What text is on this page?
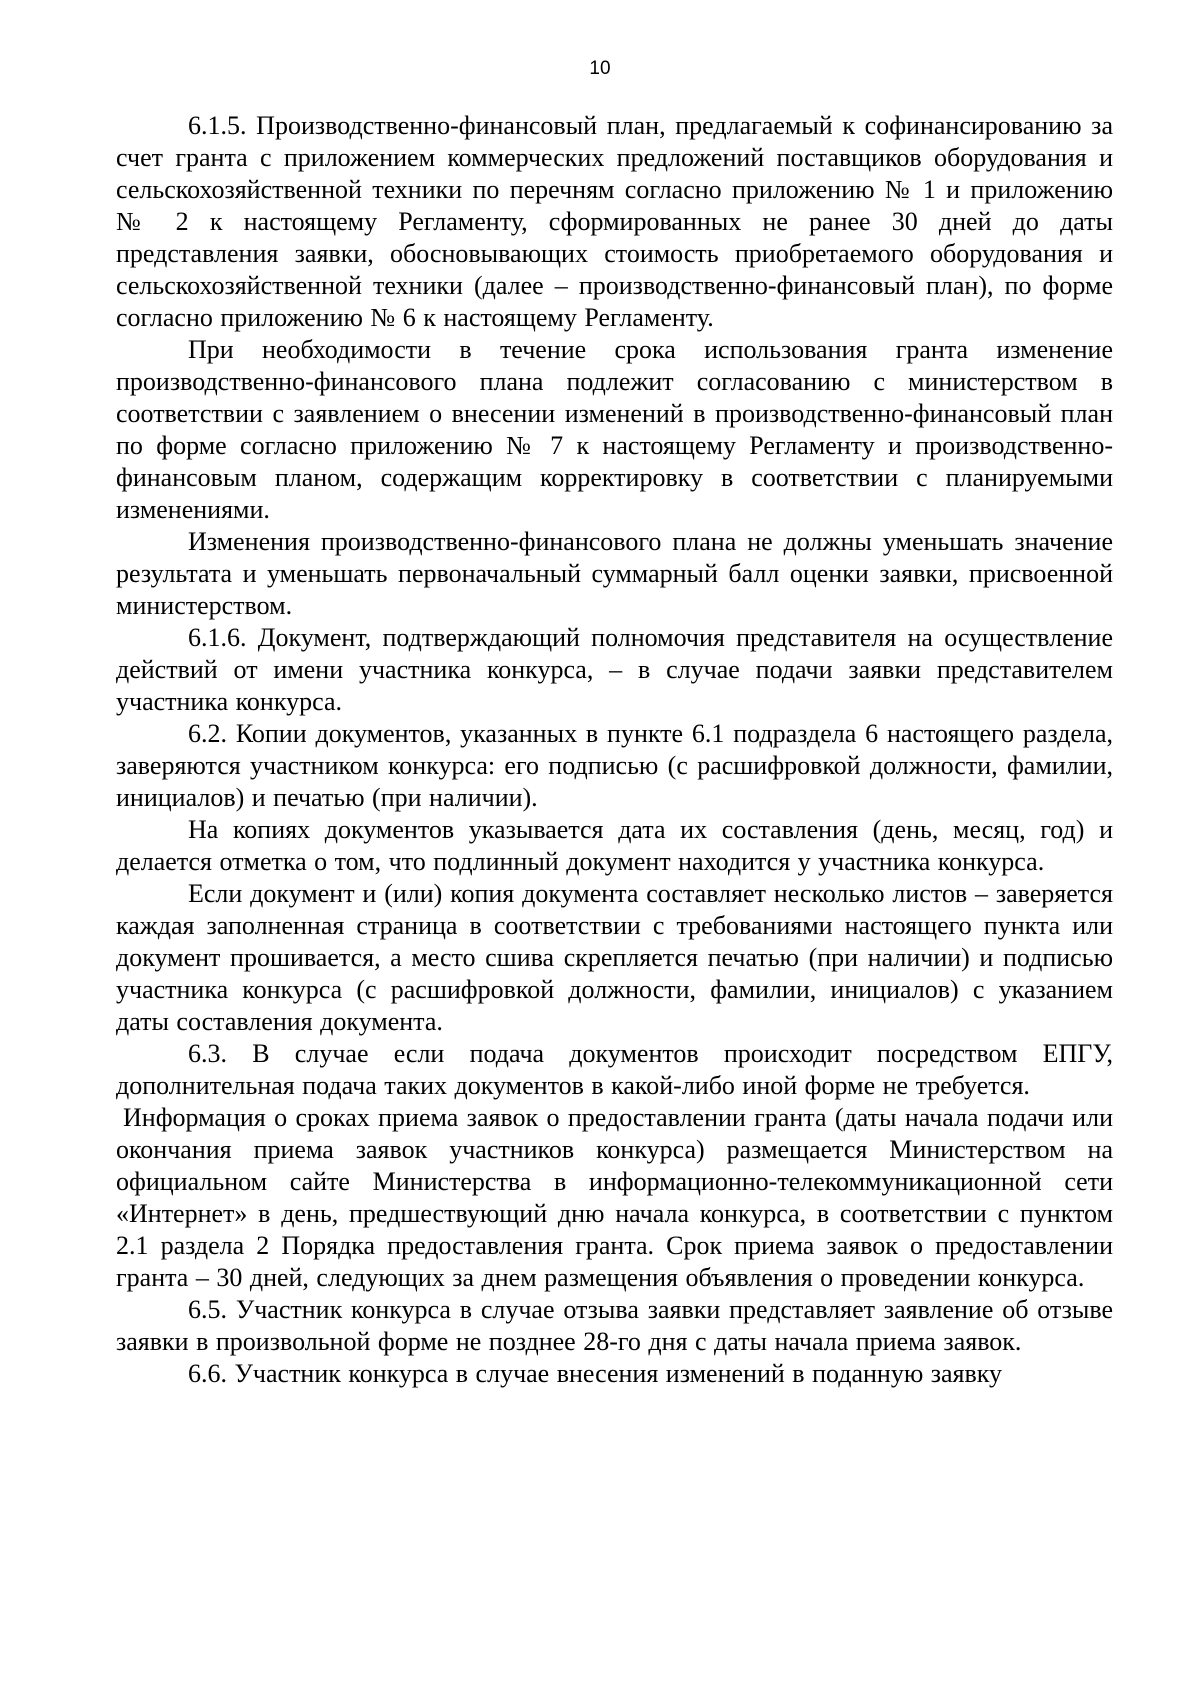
10

6.1.5. Производственно-финансовый план, предлагаемый к софинансированию за счет гранта с приложением коммерческих предложений поставщиков оборудования и сельскохозяйственной техники по перечням согласно приложению № 1 и приложению № 2 к настоящему Регламенту, сформированных не ранее 30 дней до даты представления заявки, обосновывающих стоимость приобретаемого оборудования и сельскохозяйственной техники (далее – производственно-финансовый план), по форме согласно приложению № 6 к настоящему Регламенту.

При необходимости в течение срока использования гранта изменение производственно-финансового плана подлежит согласованию с министерством в соответствии с заявлением о внесении изменений в производственно-финансовый план по форме согласно приложению № 7 к настоящему Регламенту и производственно-финансовым планом, содержащим корректировку в соответствии с планируемыми изменениями.

Изменения производственно-финансового плана не должны уменьшать значение результата и уменьшать первоначальный суммарный балл оценки заявки, присвоенной министерством.

6.1.6. Документ, подтверждающий полномочия представителя на осуществление действий от имени участника конкурса, – в случае подачи заявки представителем участника конкурса.

6.2. Копии документов, указанных в пункте 6.1 подраздела 6 настоящего раздела, заверяются участником конкурса: его подписью (с расшифровкой должности, фамилии, инициалов) и печатью (при наличии).

На копиях документов указывается дата их составления (день, месяц, год) и делается отметка о том, что подлинный документ находится у участника конкурса.

Если документ и (или) копия документа составляет несколько листов – заверяется каждая заполненная страница в соответствии с требованиями настоящего пункта или документ прошивается, а место сшива скрепляется печатью (при наличии) и подписью участника конкурса (с расшифровкой должности, фамилии, инициалов) с указанием даты составления документа.

6.3. В случае если подача документов происходит посредством ЕПГУ, дополнительная подача таких документов в какой-либо иной форме не требуется.

Информация о сроках приема заявок о предоставлении гранта (даты начала подачи или окончания приема заявок участников конкурса) размещается Министерством на официальном сайте Министерства в информационно-телекоммуникационной сети «Интернет» в день, предшествующий дню начала конкурса, в соответствии с пунктом 2.1 раздела 2 Порядка предоставления гранта. Срок приема заявок о предоставлении гранта – 30 дней, следующих за днем размещения объявления о проведении конкурса.

6.5. Участник конкурса в случае отзыва заявки представляет заявление об отзыве заявки в произвольной форме не позднее 28-го дня с даты начала приема заявок.

6.6. Участник конкурса в случае внесения изменений в поданную заявку
